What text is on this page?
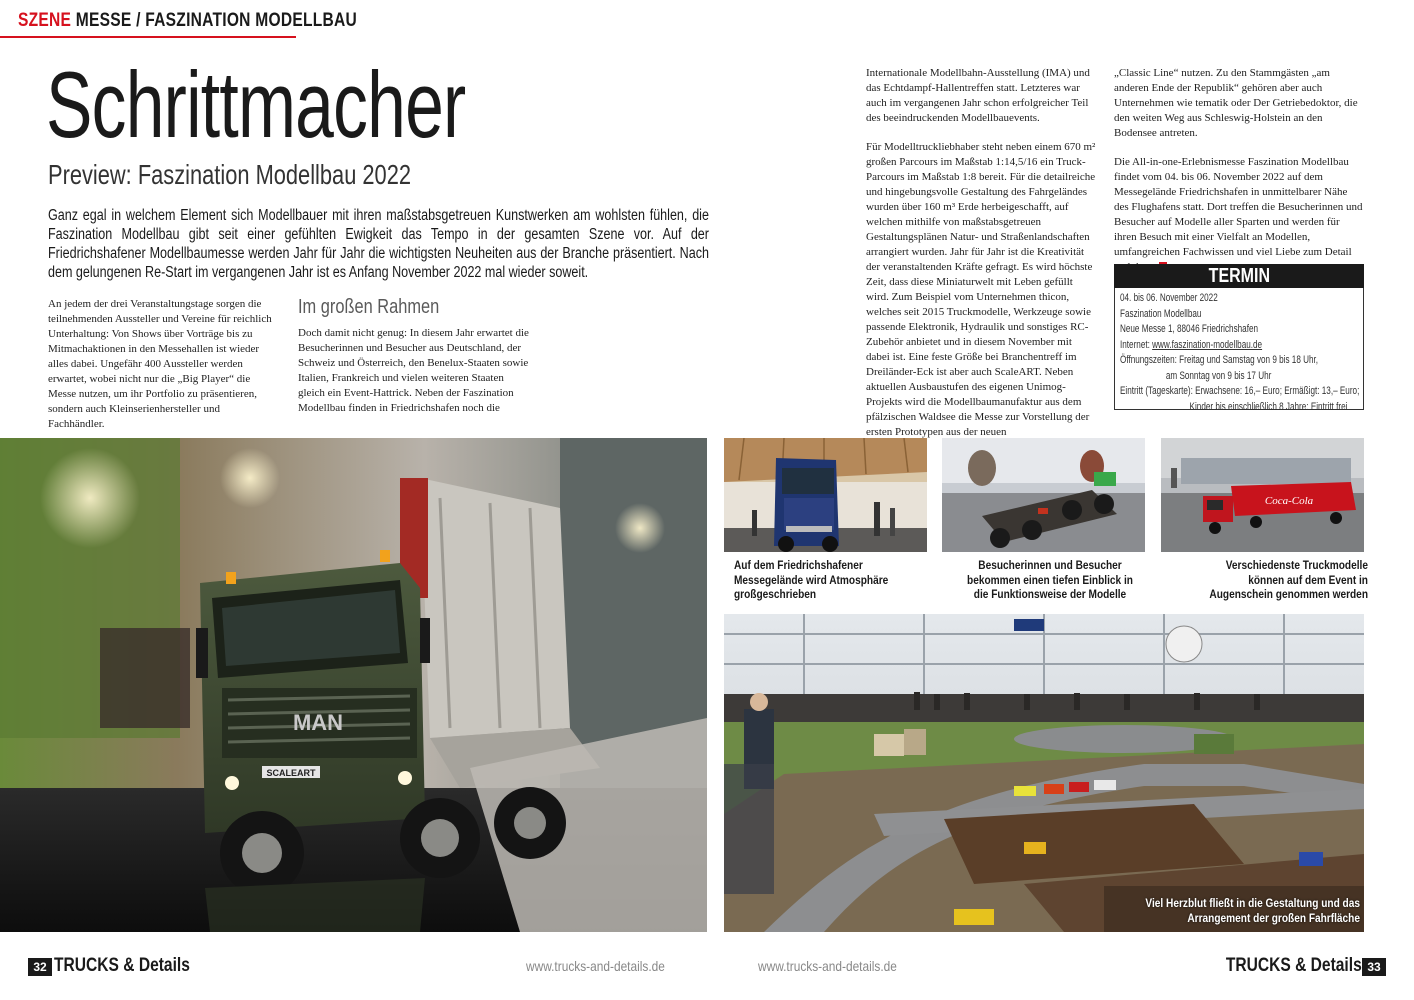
SZENE MESSE / FASZINATION MODELLBAU
Schrittmacher
Preview: Faszination Modellbau 2022
Ganz egal in welchem Element sich Modellbauer mit ihren maßstabsgetreuen Kunstwerken am wohlsten fühlen, die Faszination Modellbau gibt seit einer gefühlten Ewigkeit das Tempo in der gesamten Szene vor. Auf der Friedrichshafener Modellbaumesse werden Jahr für Jahr die wichtigsten Neuheiten aus der Branche präsentiert. Nach dem gelungenen Re-Start im vergangenen Jahr ist es Anfang November 2022 mal wieder soweit.

An jedem der drei Veranstaltungstage sorgen die teilnehmenden Aussteller und Vereine für reichlich Unterhaltung: Von Shows über Vorträge bis zu Mitmachaktionen in den Messehallen ist wieder alles dabei. Ungefähr 400 Aussteller werden erwartet, wobei nicht nur die „Big Player“ die Messe nutzen, um ihr Portfolio zu präsentieren, sondern auch Kleinserienhersteller und Fachhändler.

Im großen Rahmen

Doch damit nicht genug: In diesem Jahr erwartet die Besucherinnen und Besucher aus Deutschland, der Schweiz und Österreich, den Benelux-Staaten sowie Italien, Frankreich und vielen weiteren Staaten gleich ein Event-Hattrick. Neben der Faszination Modellbau finden in Friedrichshafen noch die

Internationale Modellbahn-Ausstellung (IMA) und das Echtdampf-Hallentreffen statt. Letzteres war auch im vergangenen Jahr schon erfolgreicher Teil des beeindruckenden Modellbauevents.

Für Modelltruckliebhaber steht neben einem 670 m² großen Parcours im Maßstab 1:14,5/16 ein Truck-Parcours im Maßstab 1:8 bereit. Für die detailreiche und hingebungsvolle Gestaltung des Fahrgeländes wurden über 160 m³ Erde herbeigeschafft, auf welchen mithilfe von maßstabsgetreuen Gestaltungsplänen Natur- und Straßenlandschaften arrangiert wurden. Jahr für Jahr ist die Kreativität der veranstaltenden Kräfte gefragt. Es wird höchste Zeit, dass diese Miniaturwelt mit Leben gefüllt wird. Zum Beispiel vom Unternehmen thicon, welches seit 2015 Truckmodelle, Werkzeuge sowie passende Elektronik, Hydraulik und sonstiges RC-Zubehör anbietet und in diesem November mit dabei ist. Eine feste Größe bei Branchentreff im Dreiländer-Eck ist aber auch ScaleART. Neben aktuellen Ausbaustufen des eigenen Unimog-Projekts wird die Modellbaumanufaktur aus dem pfälzischen Waldsee die Messe zur Vorstellung der ersten Prototypen aus der neuen

„Classic Line“ nutzen. Zu den Stammgästen „am anderen Ende der Republik“ gehören aber auch Unternehmen wie tematik oder Der Getriebedoktor, die den weiten Weg aus Schleswig-Holstein an den Bodensee antreten.

Die All-in-one-Erlebnismesse Faszination Modellbau findet vom 04. bis 06. November 2022 auf dem Messegelände Friedrichshafen in unmittelbarer Nähe des Flughafens statt. Dort treffen die Besucherinnen und Besucher auf Modelle aller Sparten und werden für ihren Besuch mit einer Vielfalt an Modellen, umfangreichen Fachwissen und viel Liebe zum Detail

TERMIN
04. bis 06. November 2022
Faszination Modellbau
Neue Messe 1, 88046 Friedrichshafen
Internet: www.faszination-modellbau.de
Öffnungszeiten: Freitag und Samstag von 9 bis 18 Uhr,
am Sonntag von 9 bis 17 Uhr
Eintritt (Tageskarte): Erwachsene: 16,– Euro; Ermäßigt: 13,– Euro;
Kinder bis einschließlich 8 Jahre: Eintritt frei
MAN
SCALEART
Coca-Cola
Auf dem Friedrichshafener Messegelände wird Atmosphäre großgeschrieben
Besucherinnen und Besucher bekommen einen tiefen Einblick in die Funktionsweise der Modelle
Verschiedenste Truckmodelle können auf dem Event in Augenschein genommen werden
Viel Herzblut fließt in die Gestaltung und das Arrangement der großen Fahrfläche
32 TRUCKS & Details	www.trucks-and-details.de	www.trucks-and-details.de	TRUCKS & Details 33
